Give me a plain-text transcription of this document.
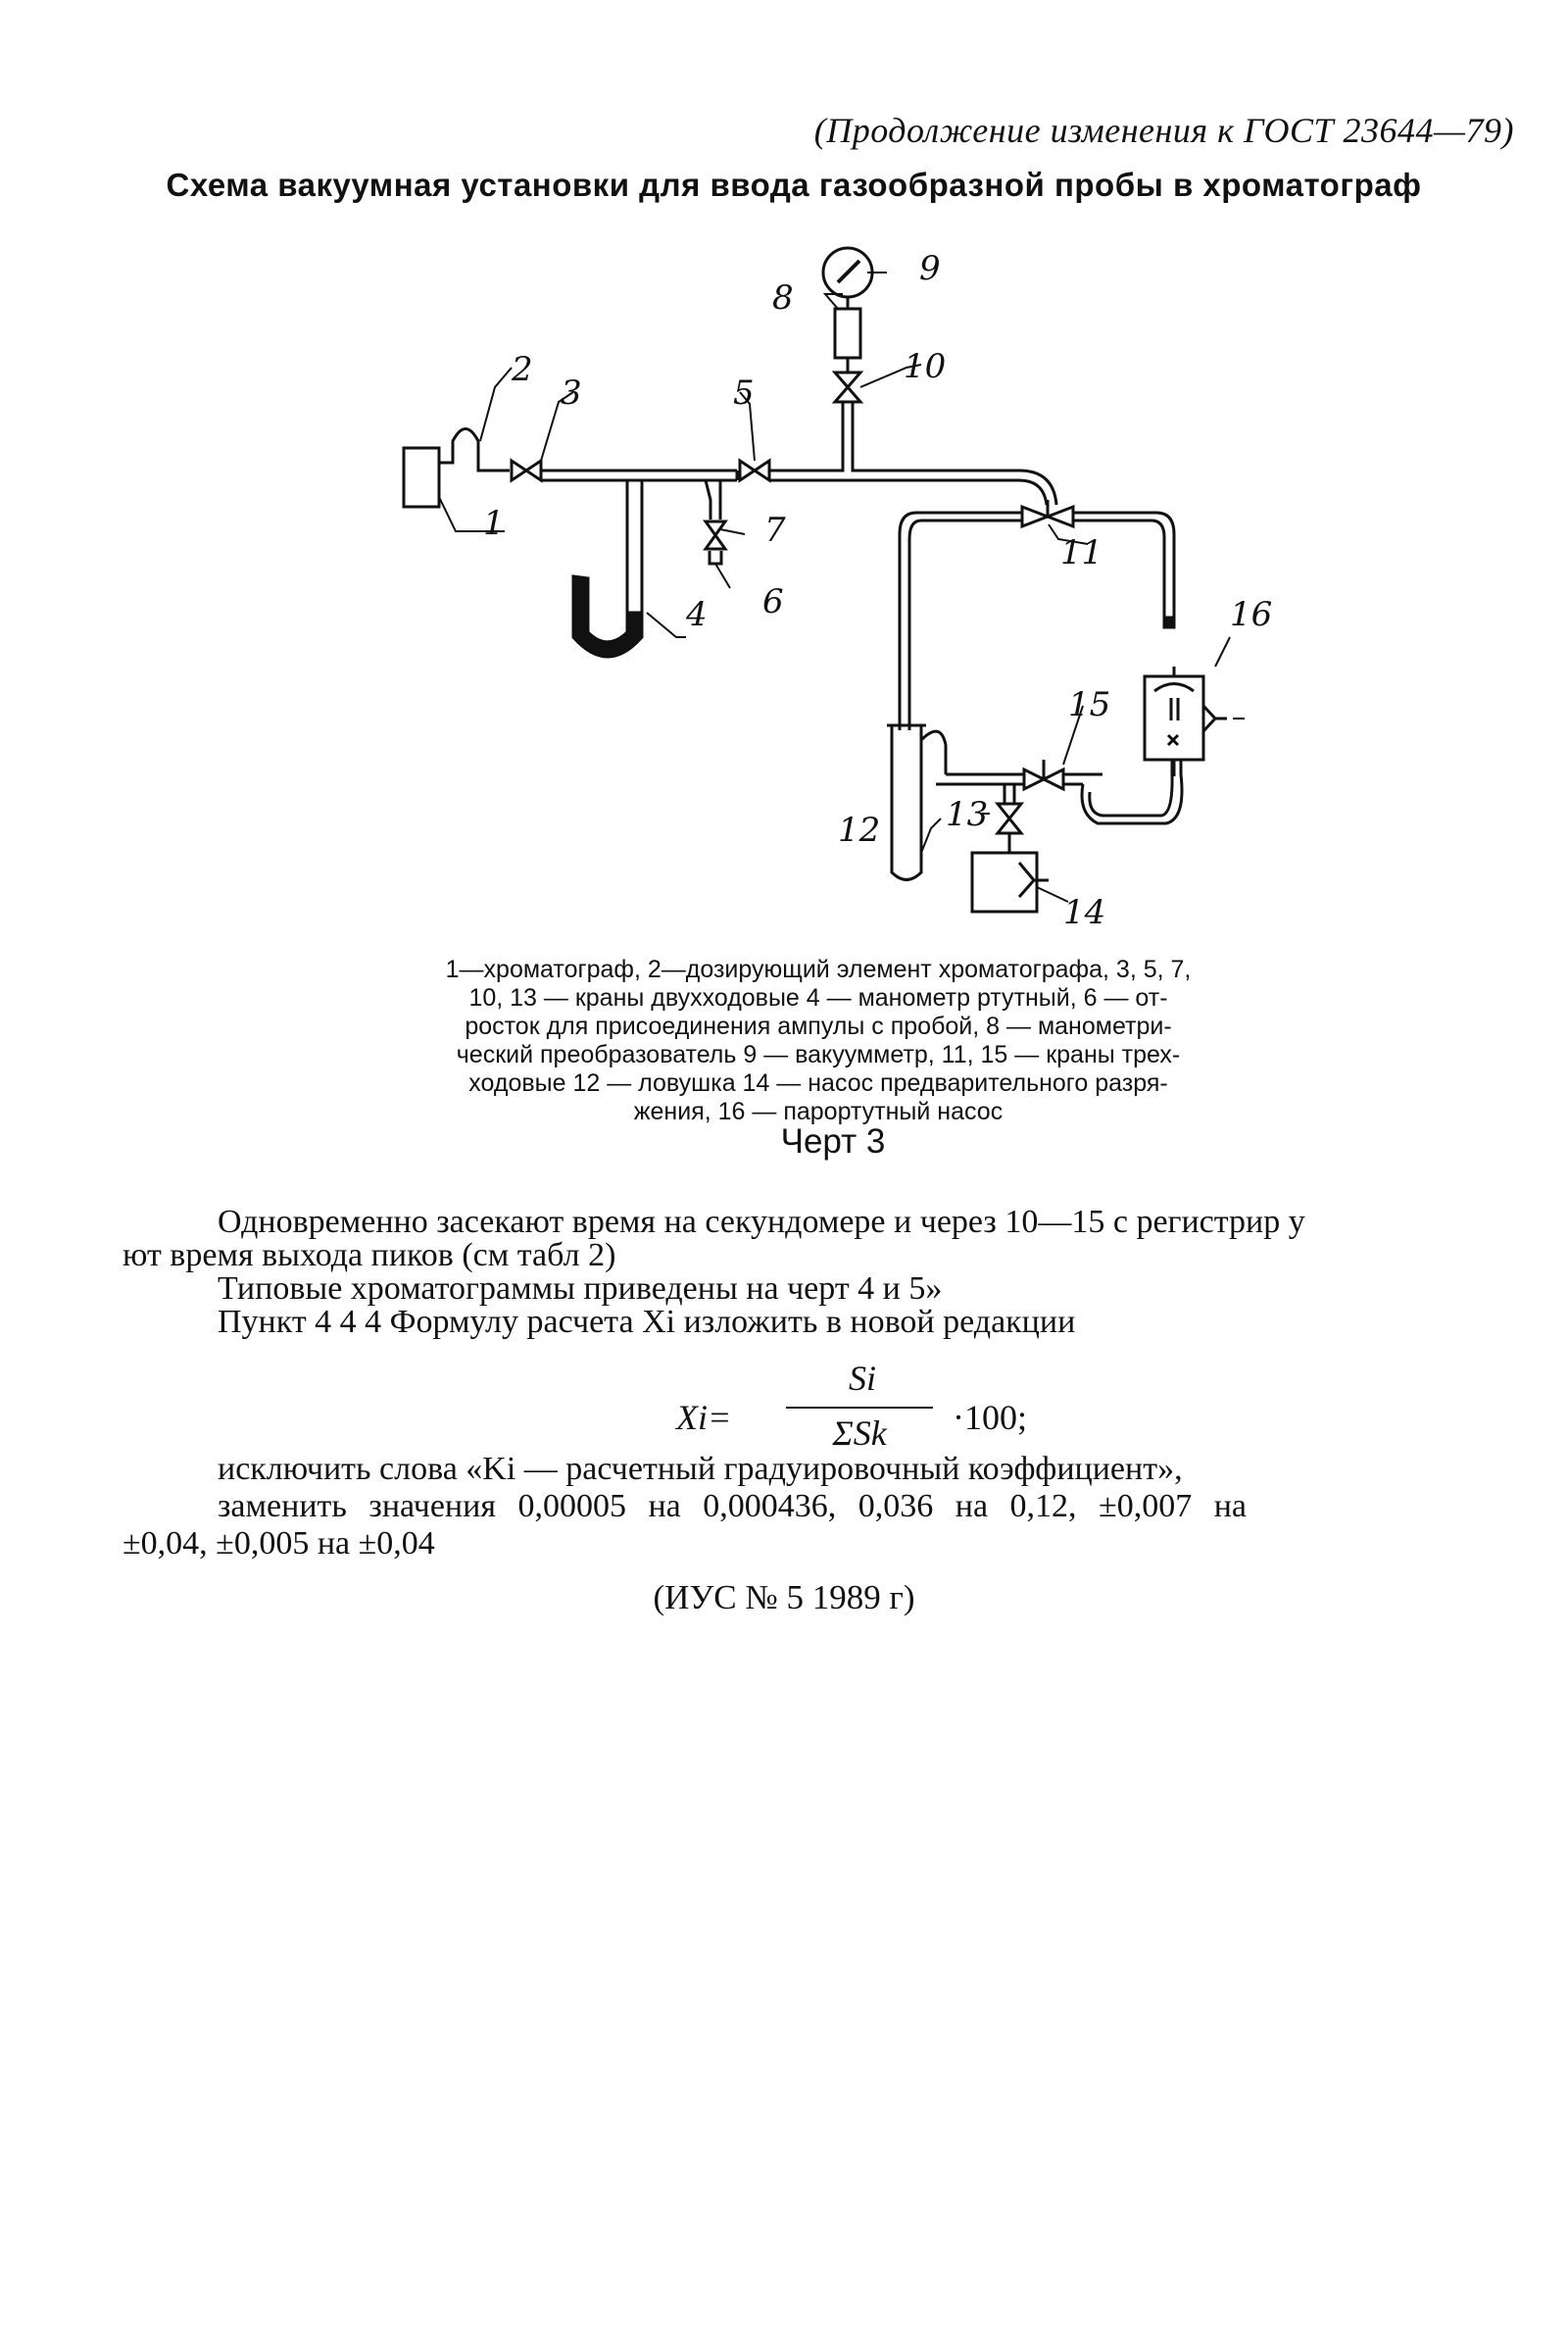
(Продолжение изменения к ГОСТ 23644—79)
Схема вакуумная установки для ввода газообразной пробы в хроматограф
1
2
3
4
5
6
7
8
9
10
11
12 13
14
15
16
1—хроматограф, 2—дозирующий элемент хроматографа, 3, 5, 7,
10, 13 — краны двухходовые 4 — манометр ртутный, 6 — от-
росток для присоединения ампулы с пробой, 8 — манометри-
ческий преобразователь 9 — вакуумметр, 11, 15 — краны трех-
ходовые 12 — ловушка 14 — насос предварительного разря-
жения, 16 — парортутный насос
Черт 3
Одновременно засекают время на секундомере и через 10—15 с регистрир у
ют время выхода пиков (см табл 2)
Типовые хроматограммы приведены на черт 4 и 5»
Пункт 4 4 4 Формулу расчета Xi изложить в новой редакции
Xi=
Si
ΣSk	·100;
исключить слова «Ki — расчетный градуировочный коэффициент»,
заменить значения 0,00005 на 0,000436, 0,036 на 0,12, ±0,007 на
±0,04, ±0,005 на ±0,04
(ИУС № 5 1989 г)
